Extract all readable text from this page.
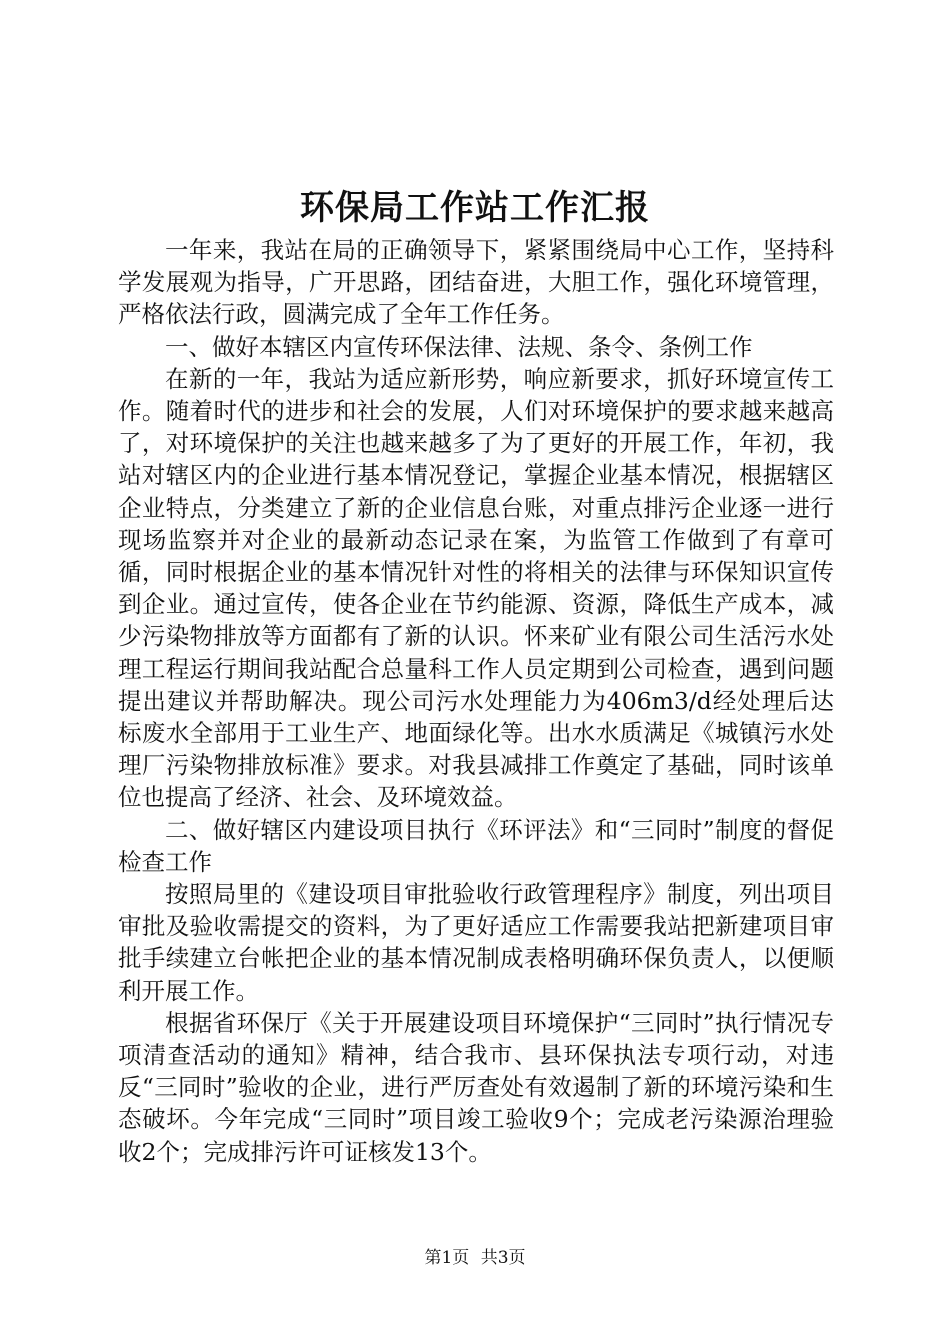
环保局工作站工作汇报

一年来，我站在局的正确领导下，紧紧围绕局中心工作，坚持科学发展观为指导，广开思路，团结奋进，大胆工作，强化环境管理，严格依法行政，圆满完成了全年工作任务。

一、做好本辖区内宣传环保法律、法规、条令、条例工作

在新的一年，我站为适应新形势，响应新要求，抓好环境宣传工作。随着时代的进步和社会的发展，人们对环境保护的要求越来越高了，对环境保护的关注也越来越多了为了更好的开展工作，年初，我站对辖区内的企业进行基本情况登记，掌握企业基本情况，根据辖区企业特点，分类建立了新的企业信息台账，对重点排污企业逐一进行现场监察并对企业的最新动态记录在案，为监管工作做到了有章可循，同时根据企业的基本情况针对性的将相关的法律与环保知识宣传到企业。通过宣传，使各企业在节约能源、资源，降低生产成本，减少污染物排放等方面都有了新的认识。怀来矿业有限公司生活污水处理工程运行期间我站配合总量科工作人员定期到公司检查，遇到问题提出建议并帮助解决。现公司污水处理能力为406m3/d经处理后达标废水全部用于工业生产、地面绿化等。出水水质满足《城镇污水处理厂污染物排放标准》要求。对我县减排工作奠定了基础，同时该单位也提高了经济、社会、及环境效益。

二、做好辖区内建设项目执行《环评法》和“三同时”制度的督促检查工作

按照局里的《建设项目审批验收行政管理程序》制度，列出项目审批及验收需提交的资料，为了更好适应工作需要我站把新建项目审批手续建立台帐把企业的基本情况制成表格明确环保负责人，以便顺利开展工作。

根据省环保厅《关于开展建设项目环境保护“三同时”执行情况专项清查活动的通知》精神，结合我市、县环保执法专项行动，对违反“三同时”验收的企业，进行严厉查处有效遏制了新的环境污染和生态破坏。今年完成“三同时”项目竣工验收9个；完成老污染源治理验收2个；完成排污许可证核发13个。

第1页 共3页
